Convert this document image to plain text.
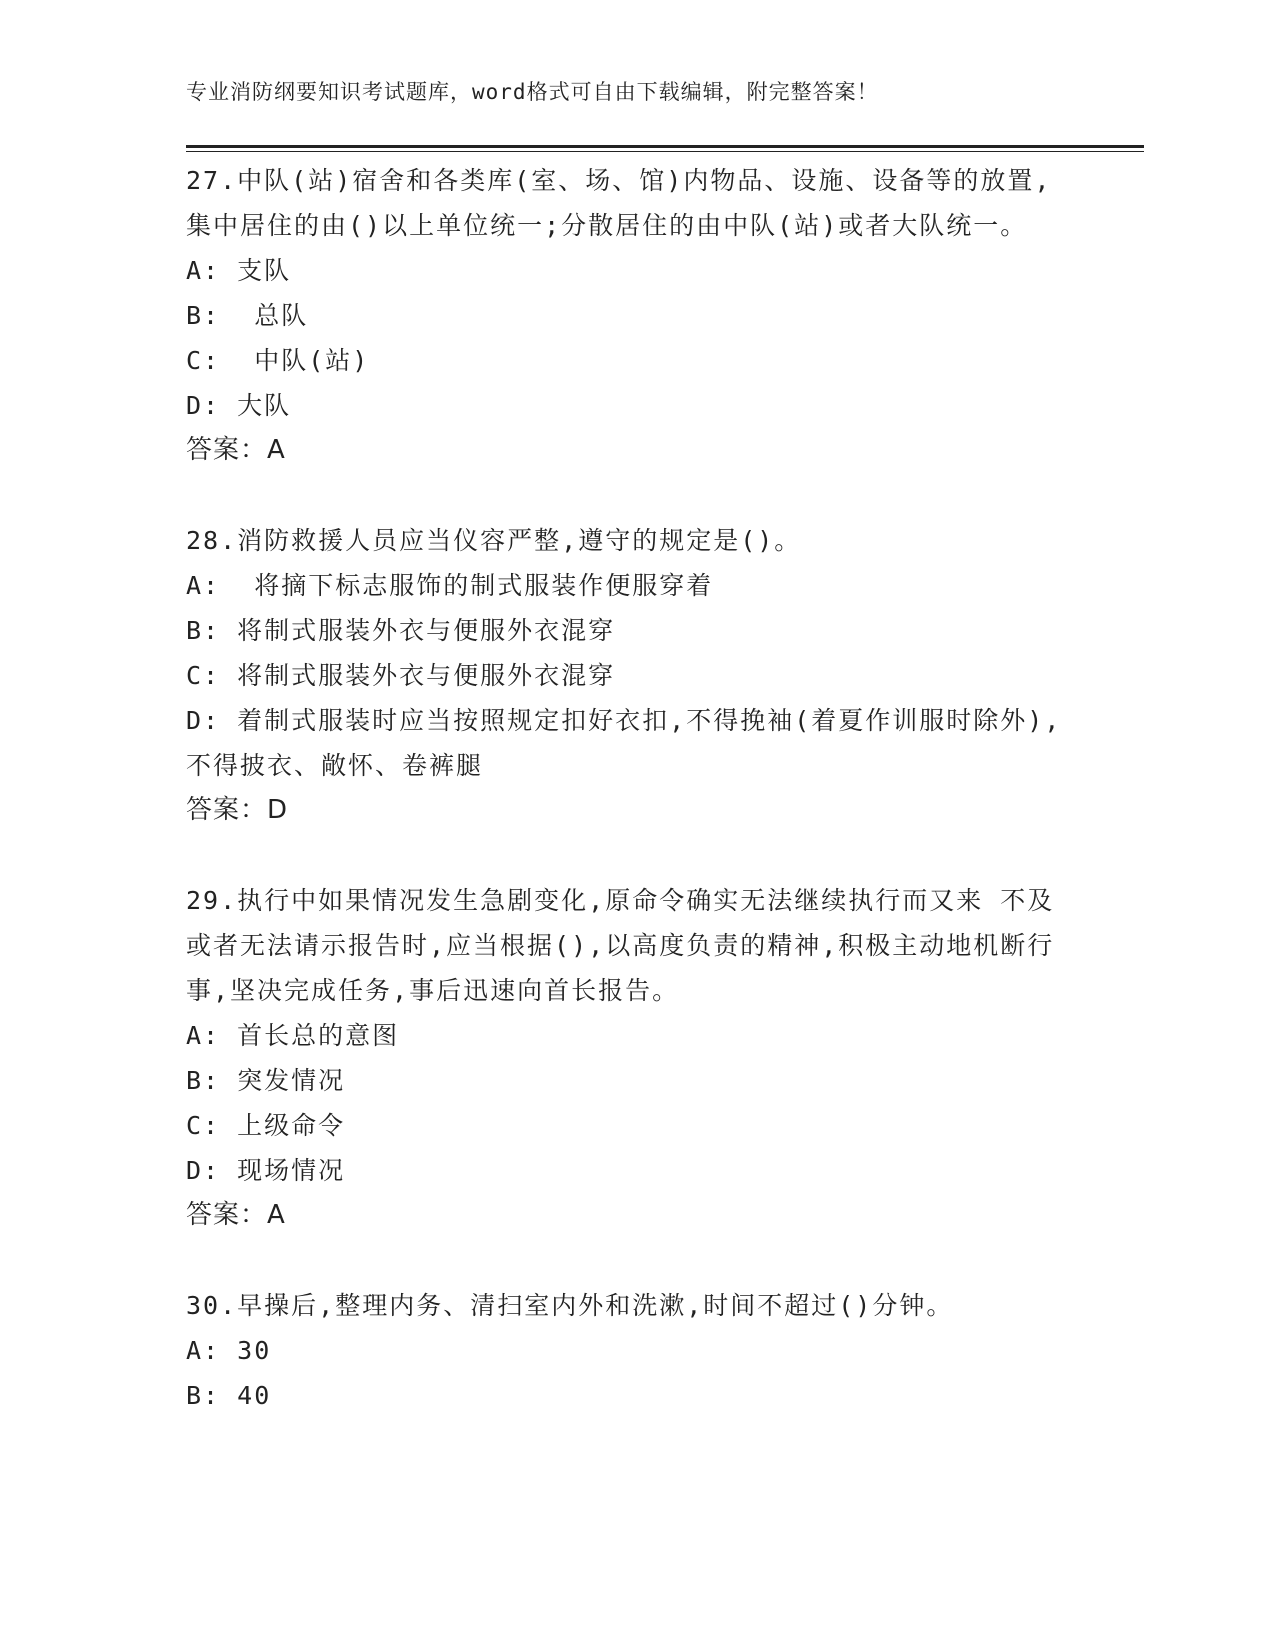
专业消防纲要知识考试题库，word格式可自由下载编辑，附完整答案！
27.中队(站)宿舍和各类库(室、场、馆)内物品、设施、设备等的放置,集中居住的由()以上单位统一;分散居住的由中队(站)或者大队统一。
A: 支队
B:  总队
C:  中队(站)
D: 大队
答案：A
28.消防救援人员应当仪容严整,遵守的规定是()。
A:  将摘下标志服饰的制式服装作便服穿着
B: 将制式服装外衣与便服外衣混穿
C: 将制式服装外衣与便服外衣混穿
D: 着制式服装时应当按照规定扣好衣扣,不得挽袖(着夏作训服时除外),不得披衣、敞怀、卷裤腿
答案：D
29.执行中如果情况发生急剧变化,原命令确实无法继续执行而又来 不及或者无法请示报告时,应当根据(),以高度负责的精神,积极主动地机断行事,坚决完成任务,事后迅速向首长报告。
A: 首长总的意图
B: 突发情况
C: 上级命令
D: 现场情况
答案：A
30.早操后,整理内务、清扫室内外和洗漱,时间不超过()分钟。
A: 30
B: 40
